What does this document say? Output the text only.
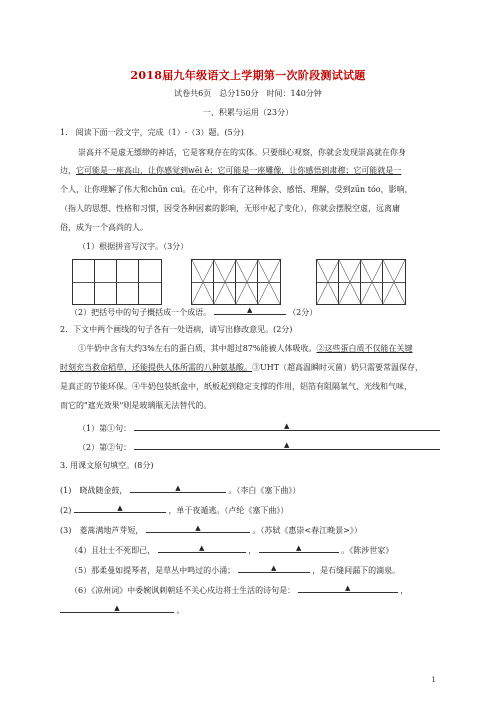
2018届九年级语文上学期第一次阶段测试试题
试卷共6页　总分150分　时间：140分钟
一、积累与运用（23分）
1.　阅读下面一段文字，完成（1）-（3）题。(5分)
崇高并不是虚无缥缈的神话，它是客观存在的实体。只要细心观察，你就会发现崇高就在你身
边，它可能是一座高山，让你感觉到wēi ě；它可能是一座雕像，让你感悟到肃穆；它可能就是一
个人，让你理解了伟大和chūn cuì。在心中，你有了这种体会、感悟、理解，受到zūn tóo，影响，
（指人的思想、性格和习惯，因受各种因素的影响，无形中起了变化），你就会摆脱空虚，远离庸
俗，成为一个高尚的人。
（1）根据拼音写汉字。（3分）
（2）把括号中的句子概括成一个成语。	▲	（2分）
2．下文中两个画线的句子各有一处语病，请写出修改意见。(2分)
①牛奶中含有大约3%左右的蛋白质，其中超过87%能被人体吸收。②这些蛋白质不仅能在关键
时刻充当救命稻草，还能提供人体所需的八种氨基酸。③UHT（超高温瞬时灭菌）奶只需要常温保存，
是真正的节能环保。④牛奶包装纸盒中，纸板起到稳定支撑的作用，铝箔有阻隔氧气、光线和气味，
而它的"遮光效果"则是玻璃瓶无法替代的。
（1）第①句：	▲
（2）第②句：	▲
3. 用课文原句填空。(8分)
(1)　晓战随金鼓，	▲	。（李白《塞下曲》）
(2)	▲	，单于夜遁逃。（卢纶《塞下曲》）
(3)　菱蒿满地芦芽短，	▲	。（苏轼《惠崇<春江晚景>》）
（4）且壮士不死即已，	▲	，	▲	。《陈涉世家》
（5）那柔曼如提琴者，是草丛中鸣过的小涌；	▲	，是石缝间漏下的滴泉。
（6）《凉州词》中委婉讽刺朝廷不关心戍边将士生活的诗句是：	▲	，
▲	。
1
